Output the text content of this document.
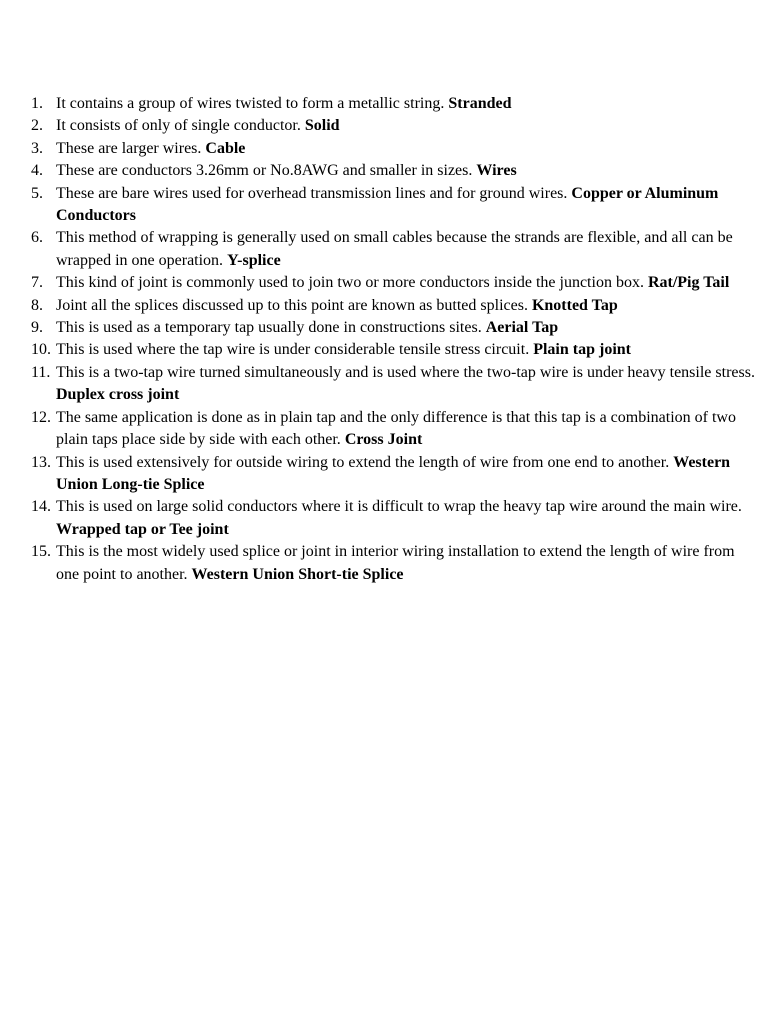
1. It contains a group of wires twisted to form a metallic string. Stranded
2. It consists of only of single conductor. Solid
3. These are larger wires. Cable
4. These are conductors 3.26mm or No.8AWG and smaller in sizes. Wires
5. These are bare wires used for overhead transmission lines and for ground wires. Copper or Aluminum Conductors
6. This method of wrapping is generally used on small cables because the strands are flexible, and all can be wrapped in one operation. Y-splice
7. This kind of joint is commonly used to join two or more conductors inside the junction box. Rat/Pig Tail
8. Joint all the splices discussed up to this point are known as butted splices. Knotted Tap
9. This is used as a temporary tap usually done in constructions sites. Aerial Tap
10. This is used where the tap wire is under considerable tensile stress circuit. Plain tap joint
11. This is a two-tap wire turned simultaneously and is used where the two-tap wire is under heavy tensile stress. Duplex cross joint
12. The same application is done as in plain tap and the only difference is that this tap is a combination of two plain taps place side by side with each other. Cross Joint
13. This is used extensively for outside wiring to extend the length of wire from one end to another. Western Union Long-tie Splice
14. This is used on large solid conductors where it is difficult to wrap the heavy tap wire around the main wire. Wrapped tap or Tee joint
15. This is the most widely used splice or joint in interior wiring installation to extend the length of wire from one point to another. Western Union Short-tie Splice
